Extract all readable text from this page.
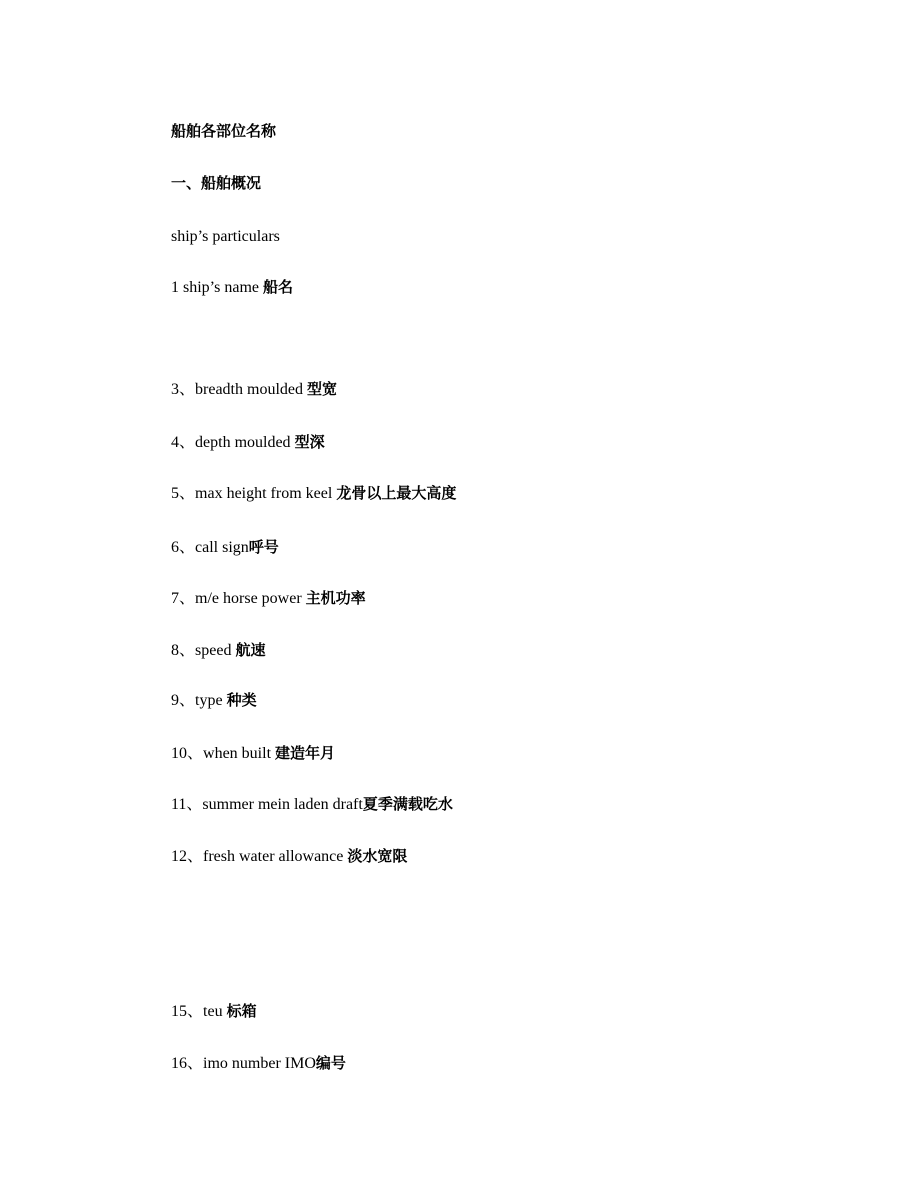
船舶各部位名称
一、船舶概况
ship’s particulars
1 ship’s name 船名
3、breadth moulded 型宽
4、depth moulded 型深
5、max height from keel 龙骨以上最大高度
6、call sign呼号
7、m/e horse power 主机功率
8、speed 航速
9、type 种类
10、when built 建造年月
11、summer mein laden draft夏季满载吃水
12、fresh water allowance 淡水宽限
15、teu 标箱
16、imo number IMO编号
